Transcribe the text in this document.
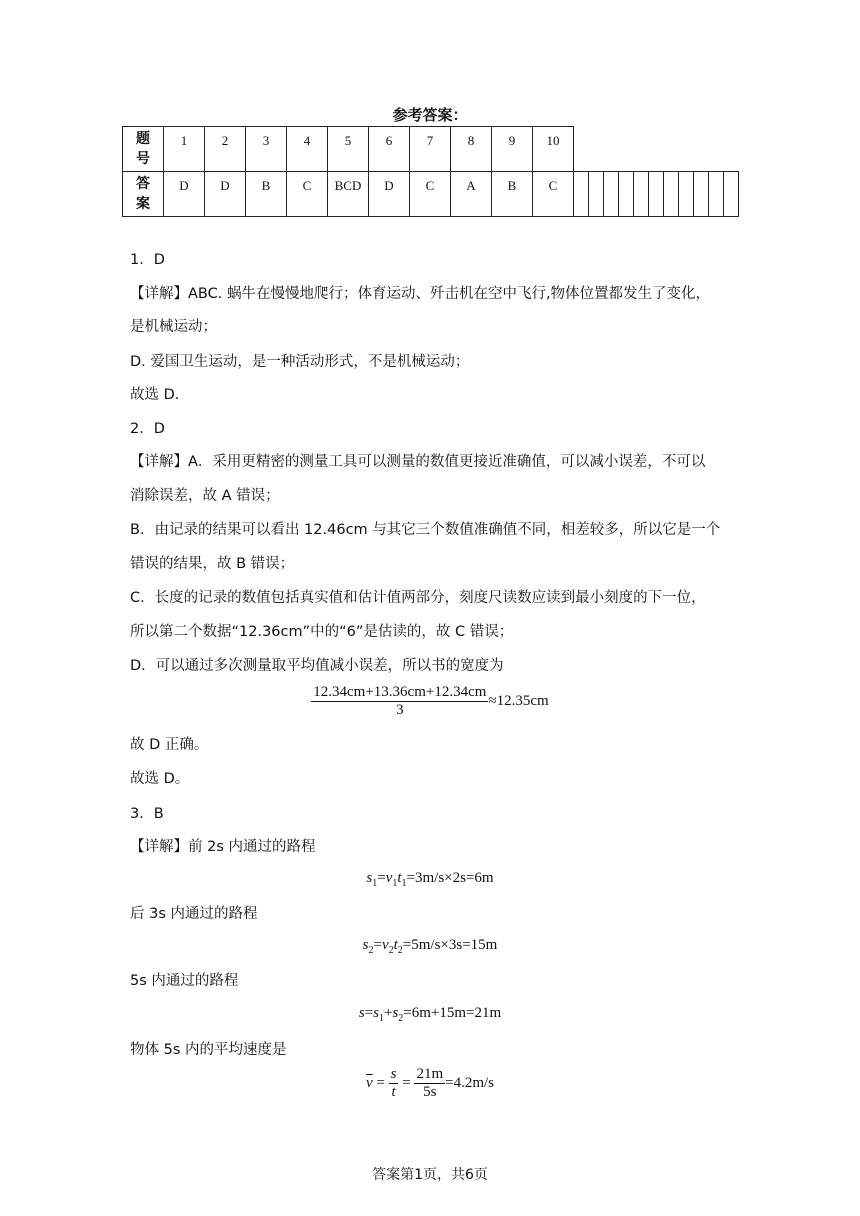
参考答案：
题
号	1	2	3	4	5	6	7	8	9	10											
答
案	D	D	B	C	BCD	D	C	A	B	C											
1．D
【详解】ABC. 蜗牛在慢慢地爬行；体育运动、歼击机在空中飞行,物体位置都发生了变化，
是机械运动；
D. 爱国卫生运动，是一种活动形式，不是机械运动；
故选 D.
2．D
【详解】A．采用更精密的测量工具可以测量的数值更接近准确值，可以减小误差，不可以
消除误差，故 A 错误；
B．由记录的结果可以看出 12.46cm 与其它三个数值准确值不同，相差较多，所以它是一个
错误的结果，故 B 错误；
C．长度的记录的数值包括真实值和估计值两部分，刻度尺读数应读到最小刻度的下一位，
所以第二个数据“12.36cm”中的“6”是估读的，故 C 错误；
D．可以通过多次测量取平均值减小误差，所以书的宽度为
$\frac{12.34cm+13.36cm+12.34cm}{3} \approx 12.35cm$
故 D 正确。
故选 D。
3．B
【详解】前 2s 内通过的路程
$s_1=v_1t_1=3m/s\times 2s=6m$
后 3s 内通过的路程
$s_2=v_2t_2=5m/s\times 3s=15m$
5s 内通过的路程
$s=s_1+s_2=6m+15m=21m$
物体 5s 内的平均速度是
$\overline{v} = \frac{s}{t} = \frac{21m}{5s} =4.2m/s$
答案第1页，共6页
